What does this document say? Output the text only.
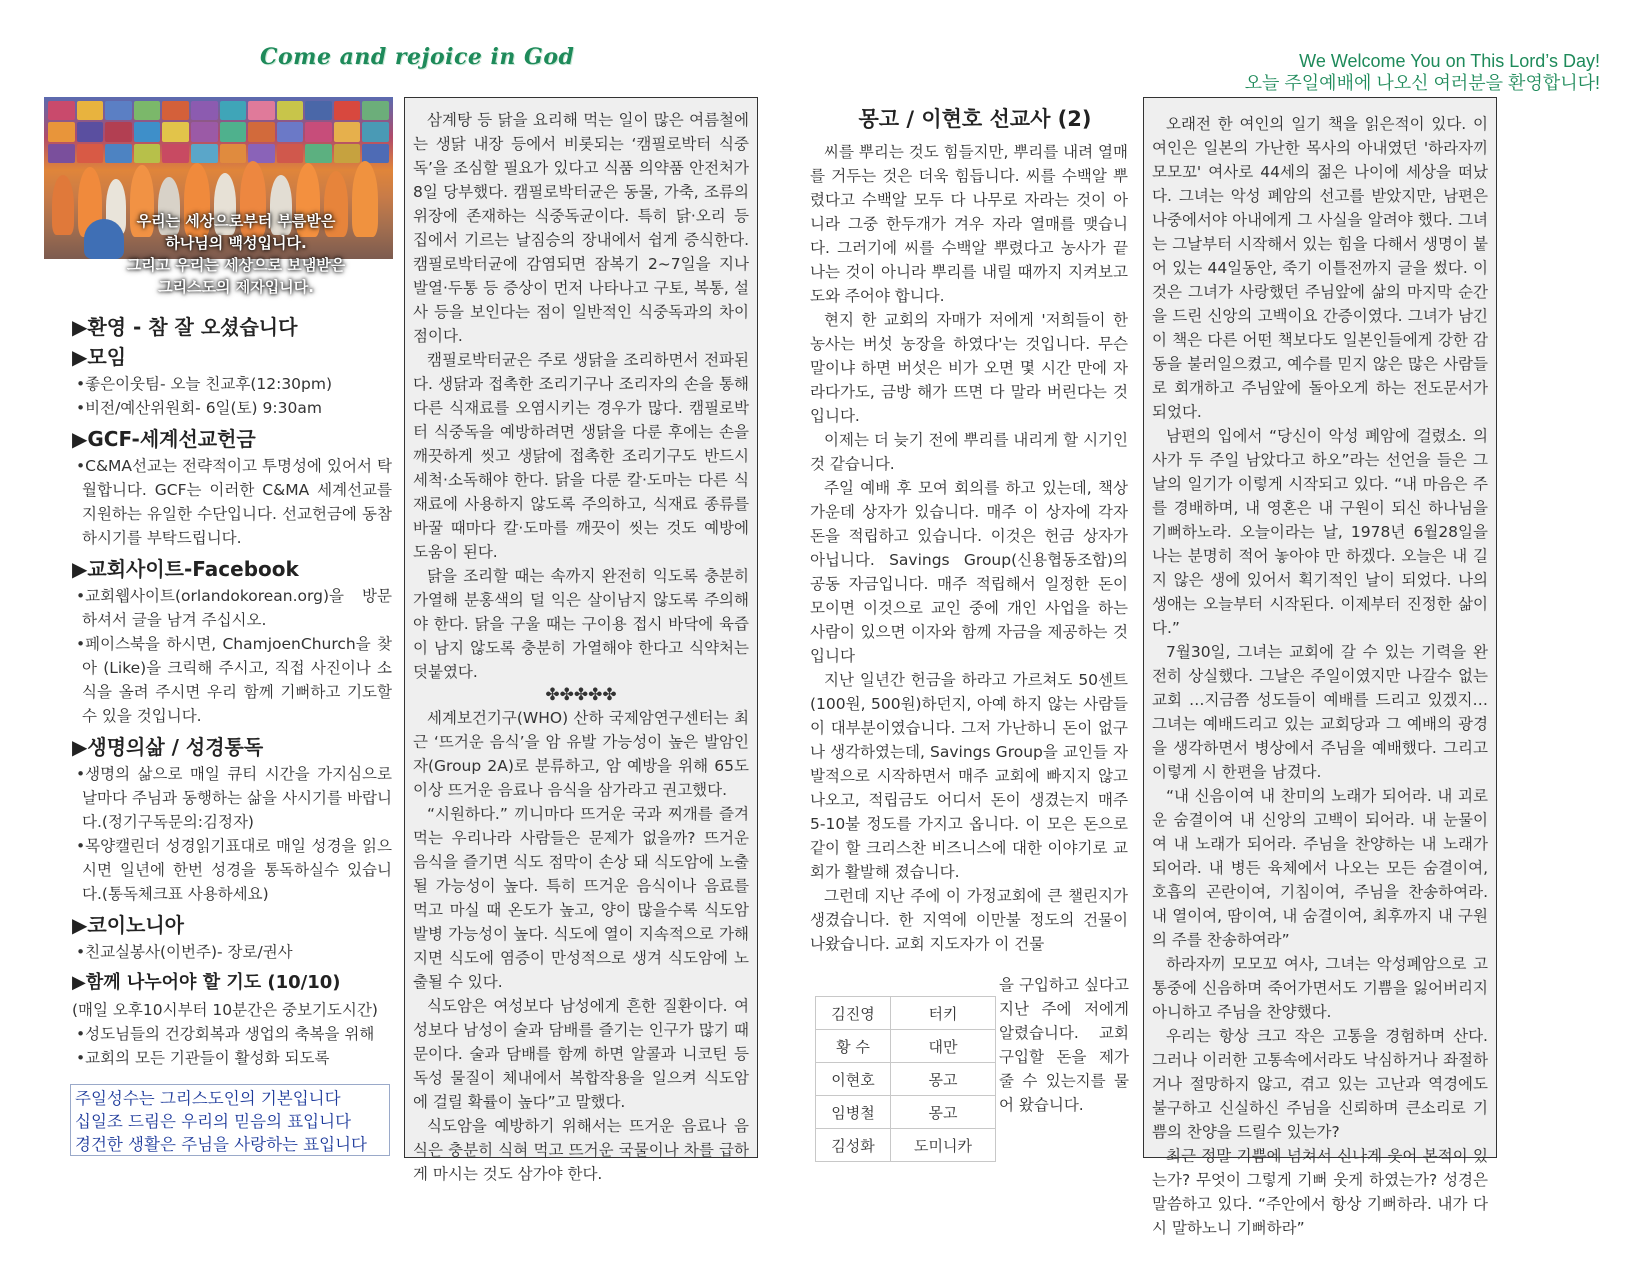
Come and rejoice in God	We Welcome You on This Lord’s Day!
오늘 주일예배에 나오신 여러분을 환영합니다!
우리는 세상으로부터 부름받은
하나님의 백성입니다.
그리고 우리는 세상으로 보냄받은
그리스도의 제자입니다.

▶환영 - 참 잘 오셨습니다

▶모임

•좋은이웃팀- 오늘 친교후(12:30pm)

•비전/예산위원회- 6일(토) 9:30am

▶GCF-세계선교헌금

•C&MA선교는 전략적이고 투명성에 있어서 탁월합니다. GCF는 이러한 C&MA 세계선교를 지원하는 유일한 수단입니다. 선교헌금에 동참하시기를 부탁드립니다.

▶교회사이트-Facebook

•교회웹사이트(orlandokorean.org)을 방문하셔서 글을 남겨 주십시오.

•페이스북을 하시면, ChamjoenChurch을 찾아 (Like)을 크릭해 주시고, 직접 사진이나 소식을 올려 주시면 우리 함께 기뻐하고 기도할 수 있을 것입니다.

▶생명의삶 / 성경통독

•생명의 삶으로 매일 큐티 시간을 가지심으로 날마다 주님과 동행하는 삶을 사시기를 바랍니다.(정기구독문의:김정자)

•목양캘린더 성경읽기표대로 매일 성경을 읽으시면 일년에 한번 성경을 통독하실수 있습니다.(통독체크표 사용하세요)

▶코이노니아

•친교실봉사(이번주)- 장로/권사

▶함께 나누어야 할 기도 (10/10)

(매일 오후10시부터 10분간은 중보기도시간)

•성도님들의 건강회복과 생업의 축복을 위해

•교회의 모든 기관들이 활성화 되도록

주일성수는 그리스도인의 기본입니다
십일조 드림은 우리의 믿음의 표입니다
경건한 생활은 주님을 사랑하는 표입니다

삼계탕 등 닭을 요리해 먹는 일이 많은 여름철에는 생닭 내장 등에서 비롯되는 ‘캠필로박터 식중독’을 조심할 필요가 있다고 식품 의약품 안전처가 8일 당부했다. 캠필로박터균은 동물, 가축, 조류의 위장에 존재하는 식중독균이다. 특히 닭·오리 등 집에서 기르는 날짐승의 장내에서 쉽게 증식한다. 캠필로박터균에 감염되면 잠복기 2~7일을 지나 발열·두통 등 증상이 먼저 나타나고 구토, 복통, 설사 등을 보인다는 점이 일반적인 식중독과의 차이점이다.

캠필로박터균은 주로 생닭을 조리하면서 전파된다. 생닭과 접촉한 조리기구나 조리자의 손을 통해 다른 식재료를 오염시키는 경우가 많다. 캠필로박터 식중독을 예방하려면 생닭을 다룬 후에는 손을 깨끗하게 씻고 생닭에 접촉한 조리기구도 반드시 세척·소독해야 한다. 닭을 다룬 칼·도마는 다른 식재료에 사용하지 않도록 주의하고, 식재료 종류를 바꿀 때마다 칼·도마를 깨끗이 씻는 것도 예방에 도움이 된다.

닭을 조리할 때는 속까지 완전히 익도록 충분히 가열해 분홍색의 덜 익은 살이남지 않도록 주의해야 한다. 닭을 구울 때는 구이용 접시 바닥에 육즙이 남지 않도록 충분히 가열해야 한다고 식약처는 덧붙였다.

✤✤✤✤✤

세계보건기구(WHO) 산하 국제암연구센터는 최근 ‘뜨거운 음식’을 암 유발 가능성이 높은 발암인자(Group 2A)로 분류하고, 암 예방을 위해 65도 이상 뜨거운 음료나 음식을 삼가라고 권고했다.

“시원하다.” 끼니마다 뜨거운 국과 찌개를 즐겨 먹는 우리나라 사람들은 문제가 없을까? 뜨거운 음식을 즐기면 식도 점막이 손상 돼 식도암에 노출될 가능성이 높다. 특히 뜨거운 음식이나 음료를 먹고 마실 때 온도가 높고, 양이 많을수록 식도암발병 가능성이 높다. 식도에 열이 지속적으로 가해지면 식도에 염증이 만성적으로 생겨 식도암에 노출될 수 있다.

식도암은 여성보다 남성에게 흔한 질환이다. 여성보다 남성이 술과 담배를 즐기는 인구가 많기 때문이다. 술과 담배를 함께 하면 알콜과 니코틴 등 독성 물질이 체내에서 복합작용을 일으켜 식도암에 걸릴 확률이 높다”고 말했다.

식도암을 예방하기 위해서는 뜨거운 음료나 음식은 충분히 식혀 먹고 뜨거운 국물이나 차를 급하게 마시는 것도 삼가야 한다.

몽고 / 이현호 선교사 (2)

씨를 뿌리는 것도 힘들지만, 뿌리를 내려 열매를 거두는 것은 더욱 힘듭니다. 씨를 수백알 뿌렸다고 수백알 모두 다 나무로 자라는 것이 아니라 그중 한두개가 겨우 자라 열매를 맺습니다. 그러기에 씨를 수백알 뿌렸다고 농사가 끝나는 것이 아니라 뿌리를 내릴 때까지 지켜보고 도와 주어야 합니다.

현지 한 교회의 자매가 저에게 '저희들이 한 농사는 버섯 농장을 하였다'는 것입니다. 무슨 말이냐 하면 버섯은 비가 오면 몇 시간 만에 자라다가도, 금방 해가 뜨면 다 말라 버린다는 것입니다.

이제는 더 늦기 전에 뿌리를 내리게 할 시기인 것 같습니다.

주일 예배 후 모여 회의를 하고 있는데, 책상 가운데 상자가 있습니다. 매주 이 상자에 각자 돈을 적립하고 있습니다. 이것은 헌금 상자가 아닙니다. Savings Group(신용협동조합)의 공동 자금입니다. 매주 적립해서 일정한 돈이 모이면 이것으로 교인 중에 개인 사업을 하는 사람이 있으면 이자와 함께 자금을 제공하는 것입니다

지난 일년간 헌금을 하라고 가르쳐도 50센트(100원, 500원)하던지, 아예 하지 않는 사람들이 대부분이였습니다. 그저 가난하니 돈이 없구나 생각하였는데, Savings Group을 교인들 자발적으로 시작하면서 매주 교회에 빠지지 않고 나오고, 적립금도 어디서 돈이 생겼는지 매주 5-10불 정도를 가지고 옵니다. 이 모은 돈으로 같이 할 크리스찬 비즈니스에 대한 이야기로 교회가 활발해 졌습니다.

그런데 지난 주에 이 가정교회에 큰 챌린지가 생겼습니다. 한 지역에 이만불 정도의 건물이 나왔습니다. 교회 지도자가 이 건물

김진영	터키
황 수	대만
이현호	몽고
임병철	몽고
김성화	도미니카

을 구입하고 싶다고 지난 주에 저에게 알렸습니다. 교회 구입할 돈을 제가 줄 수 있는지를 물어 왔습니다.

오래전 한 여인의 일기 책을 읽은적이 있다. 이 여인은 일본의 가난한 목사의 아내였던 '하라자끼 모모꼬' 여사로 44세의 젊은 나이에 세상을 떠났다. 그녀는 악성 폐암의 선고를 받았지만, 남편은 나중에서야 아내에게 그 사실을 알려야 했다. 그녀는 그날부터 시작해서 있는 힘을 다해서 생명이 붙어 있는 44일동안, 죽기 이틀전까지 글을 썼다. 이것은 그녀가 사랑했던 주님앞에 삶의 마지막 순간을 드린 신앙의 고백이요 간증이였다. 그녀가 남긴 이 책은 다른 어떤 책보다도 일본인들에게 강한 감동을 불러일으켰고, 예수를 믿지 않은 많은 사람들로 회개하고 주님앞에 돌아오게 하는 전도문서가 되었다.

남편의 입에서 “당신이 악성 폐암에 걸렸소. 의사가 두 주일 남았다고 하오”라는 선언을 들은 그날의 일기가 이렇게 시작되고 있다. “내 마음은 주를 경배하며, 내 영혼은 내 구원이 되신 하나님을 기뻐하노라. 오늘이라는 날, 1978년 6월28일을 나는 분명히 적어 놓아야 만 하겠다. 오늘은 내 길지 않은 생에 있어서 획기적인 날이 되었다. 나의 생애는 오늘부터 시작된다. 이제부터 진정한 삶이다.”

7월30일, 그녀는 교회에 갈 수 있는 기력을 완전히 상실했다. 그날은 주일이였지만 나갈수 없는 교회 …지금쯤 성도들이 예배를 드리고 있겠지… 그녀는 예배드리고 있는 교회당과 그 예배의 광경을 생각하면서 병상에서 주님을 예배했다. 그리고 이렇게 시 한편을 남겼다.

“내 신음이여 내 찬미의 노래가 되어라. 내 괴로운 숨결이여 내 신앙의 고백이 되어라. 내 눈물이여 내 노래가 되어라. 주님을 찬양하는 내 노래가 되어라. 내 병든 육체에서 나오는 모든 숨결이여, 호흡의 곤란이여, 기침이여, 주님을 찬송하여라. 내 열이여, 땀이여, 내 숨결이여, 최후까지 내 구원의 주를 찬송하여라”

하라자끼 모모꼬 여사, 그녀는 악성폐암으로 고통중에 신음하며 죽어가면서도 기쁨을 잃어버리지 아니하고 주님을 찬양했다.

우리는 항상 크고 작은 고통을 경험하며 산다. 그러나 이러한 고통속에서라도 낙심하거나 좌절하거나 절망하지 않고, 겪고 있는 고난과 역경에도 불구하고 신실하신 주님을 신뢰하며 큰소리로 기쁨의 찬양을 드릴수 있는가?

최근 정말 기쁨에 넘쳐서 신나게 웃어 본적이 있는가? 무엇이 그렇게 기뻐 웃게 하였는가? 성경은 말씀하고 있다. “주안에서 항상 기뻐하라. 내가 다시 말하노니 기뻐하라”
